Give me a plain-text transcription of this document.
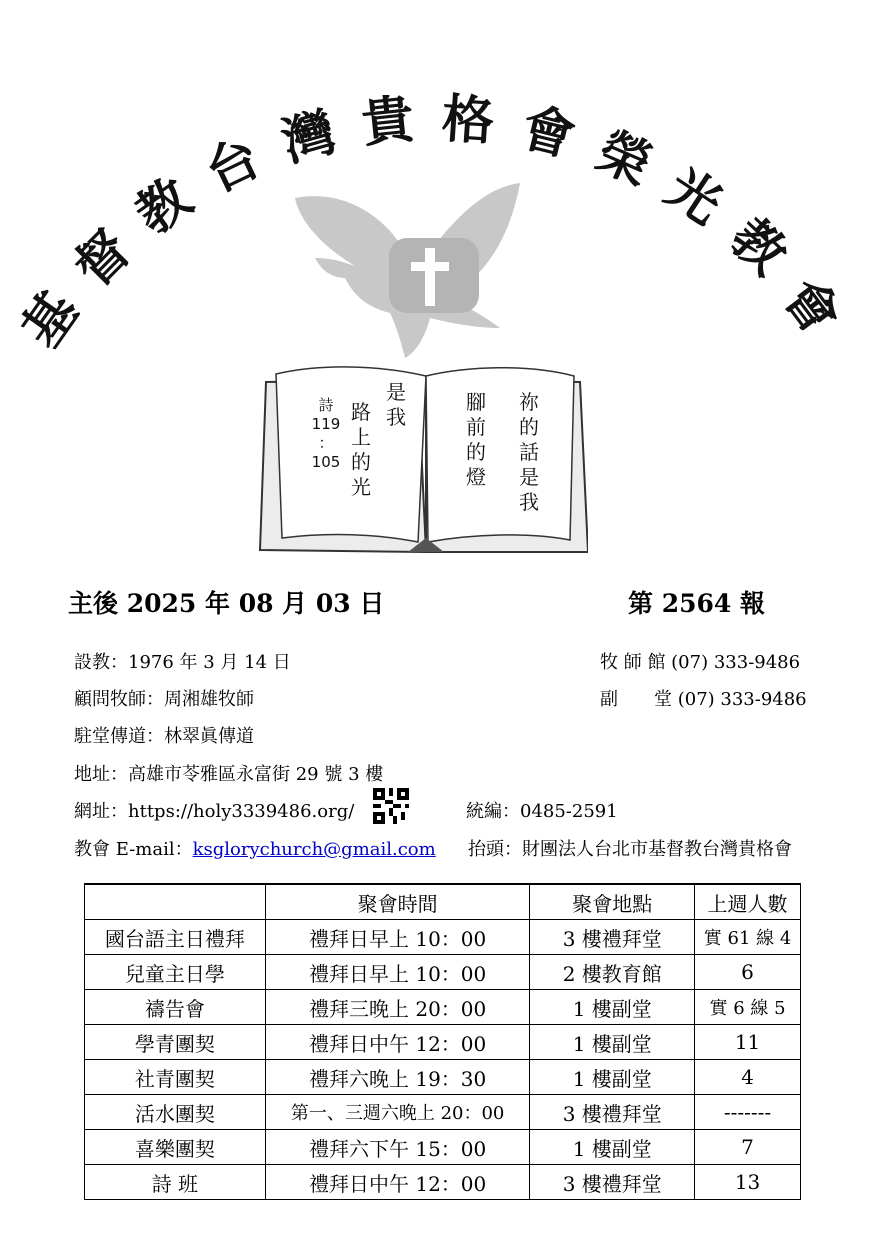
基
督
教
台 灣 貴 格 會 榮
光
教
會
詩
119
：
105
路上的光
是我
祢的話是我
腳前的燈
主後 2025 年 08 月 03 日	第 2564 報
設教：1976 年 3 月 14 日	牧 師 館 (07) 333-9486
顧問牧師：周湘雄牧師	副　　堂 (07) 333-9486
駐堂傳道：林翠眞傳道
地址：高雄市苓雅區永富街 29 號 3 樓
網址：https://holy3339486.org/	統編：0485-2591
教會 E-mail：ksglorychurch@gmail.com 抬頭：財團法人台北市基督教台灣貴格會
	聚會時間	聚會地點	上週人數
國台語主日禮拜	禮拜日早上 10：00	3 樓禮拜堂	實 61 線 4
兒童主日學	禮拜日早上 10：00	2 樓教育館	6
禱告會	禮拜三晚上 20：00	1 樓副堂	實 6 線 5
學青團契	禮拜日中午 12：00	1 樓副堂	11
社青團契	禮拜六晚上 19：30	1 樓副堂	4
活水團契	第一、三週六晚上 20：00	3 樓禮拜堂	-------
喜樂團契	禮拜六下午 15：00	1 樓副堂	7
詩 班	禮拜日中午 12：00	3 樓禮拜堂	13
